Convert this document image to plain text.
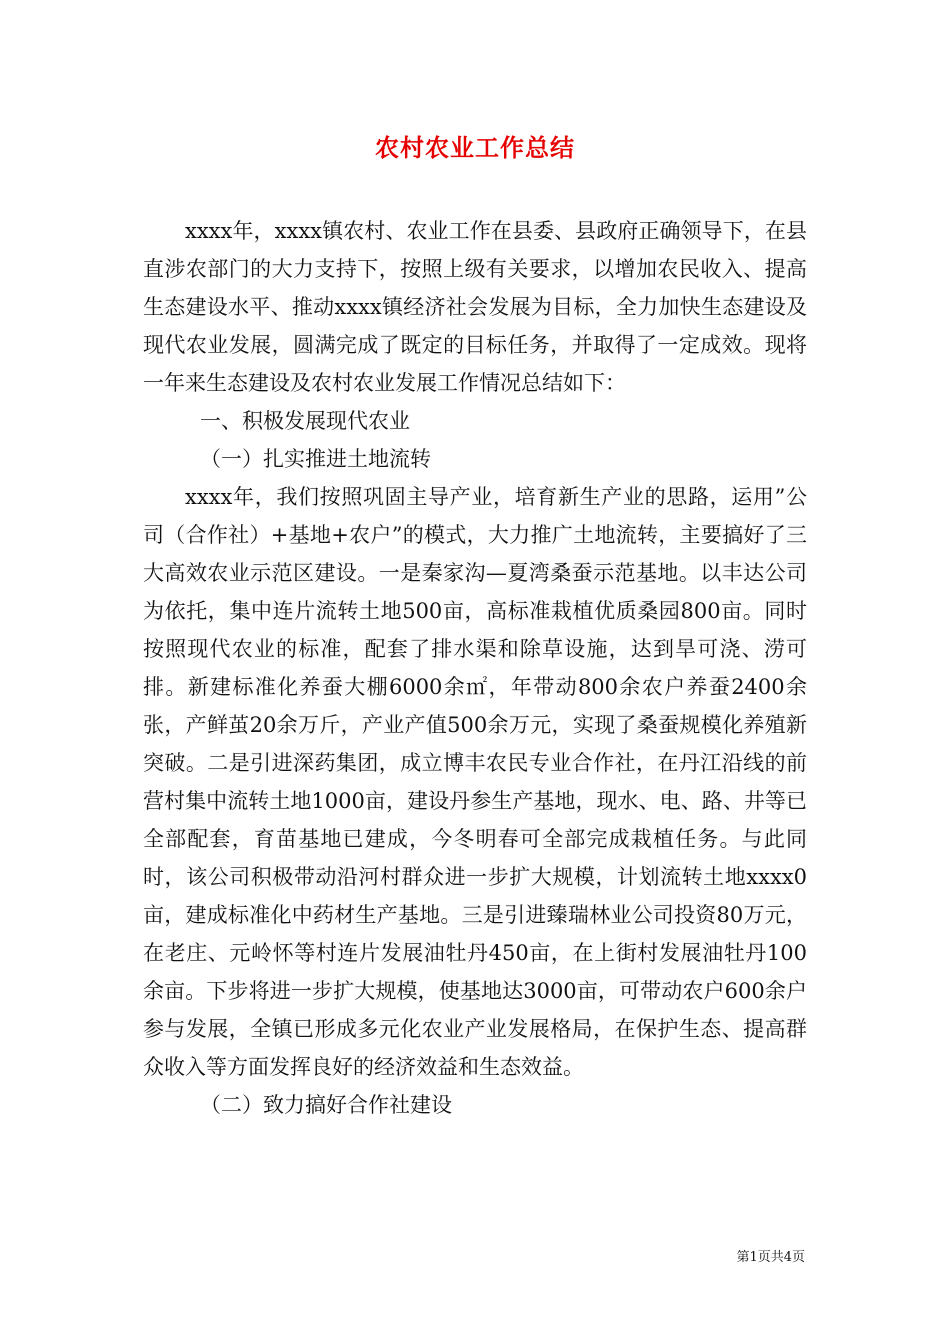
农村农业工作总结

xxxx年，xxxx镇农村、农业工作在县委、县政府正确领导下，在县直涉农部门的大力支持下，按照上级有关要求，以增加农民收入、提高生态建设水平、推动xxxx镇经济社会发展为目标，全力加快生态建设及现代农业发展，圆满完成了既定的目标任务，并取得了一定成效。现将一年来生态建设及农村农业发展工作情况总结如下：

一、积极发展现代农业

（一）扎实推进土地流转

xxxx年，我们按照巩固主导产业，培育新生产业的思路，运用”公司（合作社）+基地+农户”的模式，大力推广土地流转，主要搞好了三大高效农业示范区建设。一是秦家沟—夏湾桑蚕示范基地。以丰达公司为依托，集中连片流转土地500亩，高标准栽植优质桑园800亩。同时按照现代农业的标准，配套了排水渠和除草设施，达到旱可浇、涝可排。新建标准化养蚕大棚6000余㎡，年带动800余农户养蚕2400余张，产鲜茧20余万斤，产业产值500余万元，实现了桑蚕规模化养殖新突破。二是引进深药集团，成立博丰农民专业合作社，在丹江沿线的前营村集中流转土地1000亩，建设丹参生产基地，现水、电、路、井等已全部配套，育苗基地已建成，今冬明春可全部完成栽植任务。与此同时，该公司积极带动沿河村群众进一步扩大规模，计划流转土地xxxx0亩，建成标准化中药材生产基地。三是引进臻瑞林业公司投资80万元，在老庄、元岭怀等村连片发展油牡丹450亩，在上街村发展油牡丹100余亩。下步将进一步扩大规模，使基地达3000亩，可带动农户600余户参与发展，全镇已形成多元化农业产业发展格局，在保护生态、提高群众收入等方面发挥良好的经济效益和生态效益。

（二）致力搞好合作社建设

第1页共4页
